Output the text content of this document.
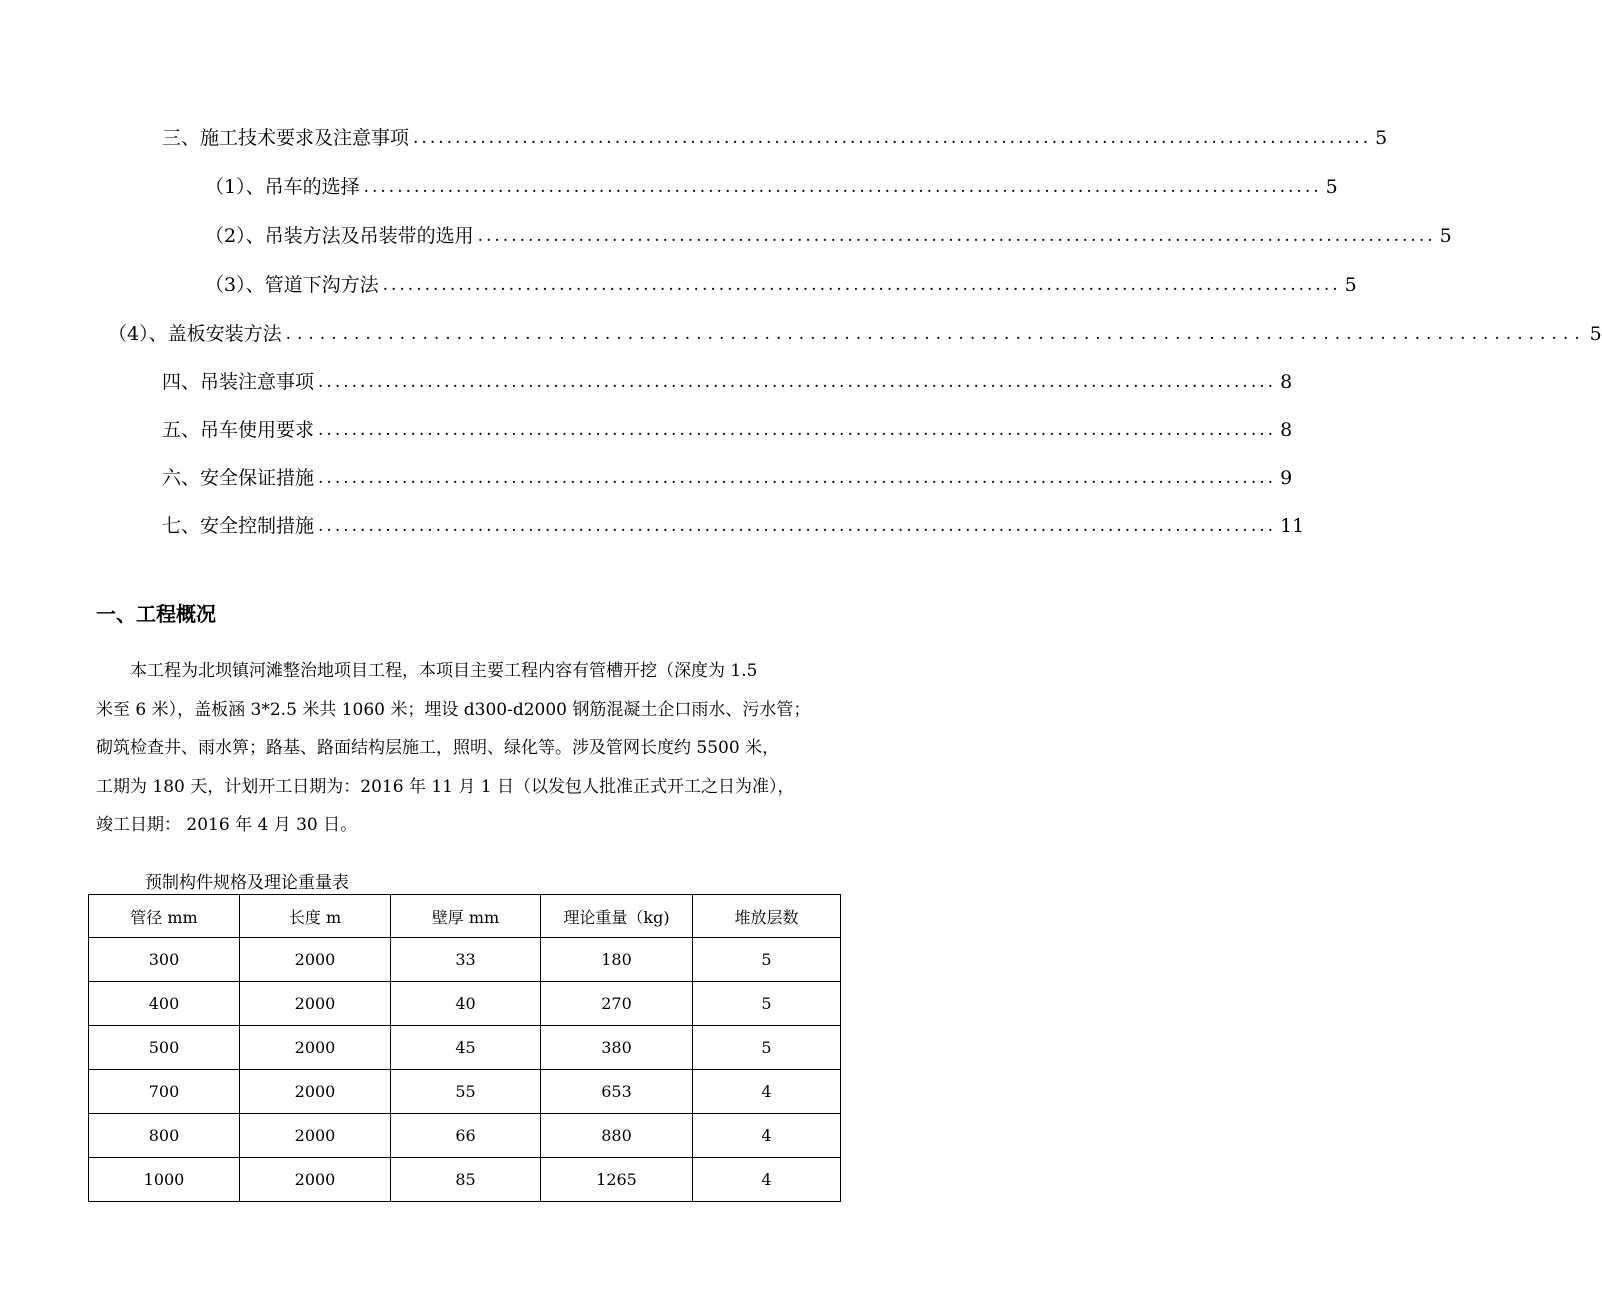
三、施工技术要求及注意事项 .................................................................................................................. 5
（1）、吊车的选择 .................................................................................................................. 5
（2）、吊装方法及吊装带的选用 .................................................................................................................. 5
（3）、管道下沟方法 .................................................................................................................. 5
（4）、盖板安装方法 .................................................................................................................. 5
四、吊装注意事项 .................................................................................................................. 8
五、吊车使用要求 .................................................................................................................. 8
六、安全保证措施 .................................................................................................................. 9
七、安全控制措施 .................................................................................................................. 11
一、工程概况
　　本工程为北坝镇河滩整治地项目工程，本项目主要工程内容有管槽开挖（深度为 1.5
米至 6 米），盖板涵 3*2.5 米共 1060 米；埋设 d300-d2000 钢筋混凝土企口雨水、污水管；
砌筑检查井、雨水箅；路基、路面结构层施工，照明、绿化等。涉及管网长度约 5500 米，
工期为 180 天，计划开工日期为：2016 年 11 月 1 日（以发包人批准正式开工之日为准），
竣工日期： 2016 年 4 月 30 日。
预制构件规格及理论重量表
管径 mm	长度 m	壁厚 mm	理论重量（kg)	堆放层数
300	2000	33	180	5
400	2000	40	270	5
500	2000	45	380	5
700	2000	55	653	4
800	2000	66	880	4
1000	2000	85	1265	4
